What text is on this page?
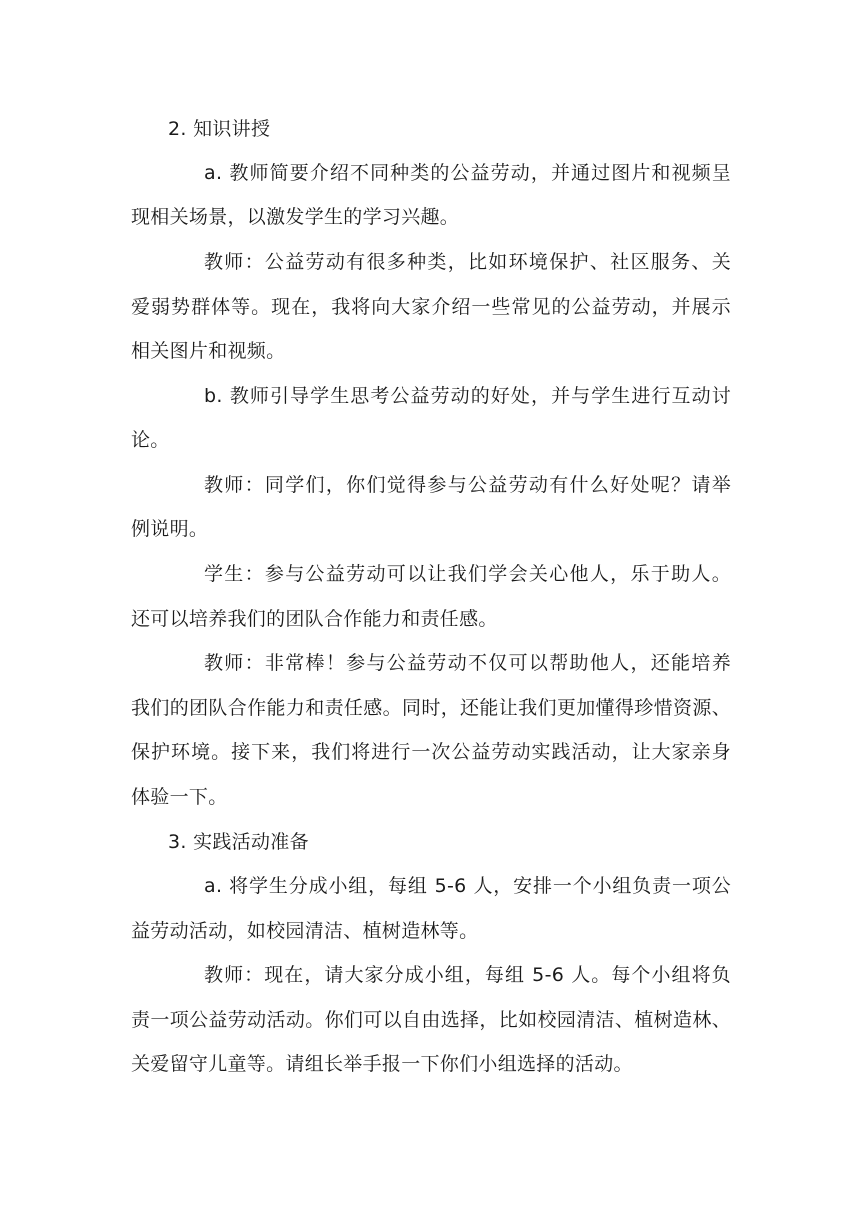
2. 知识讲授
a. 教师简要介绍不同种类的公益劳动，并通过图片和视频呈
现相关场景，以激发学生的学习兴趣。
教师：公益劳动有很多种类，比如环境保护、社区服务、关
爱弱势群体等。现在，我将向大家介绍一些常见的公益劳动，并展示
相关图片和视频。
b. 教师引导学生思考公益劳动的好处，并与学生进行互动讨
论。
教师：同学们，你们觉得参与公益劳动有什么好处呢？请举
例说明。
学生：参与公益劳动可以让我们学会关心他人，乐于助人。
还可以培养我们的团队合作能力和责任感。
教师：非常棒！参与公益劳动不仅可以帮助他人，还能培养
我们的团队合作能力和责任感。同时，还能让我们更加懂得珍惜资源、
保护环境。接下来，我们将进行一次公益劳动实践活动，让大家亲身
体验一下。
3. 实践活动准备
a. 将学生分成小组，每组 5-6 人，安排一个小组负责一项公
益劳动活动，如校园清洁、植树造林等。
教师：现在，请大家分成小组，每组 5-6 人。每个小组将负
责一项公益劳动活动。你们可以自由选择，比如校园清洁、植树造林、
关爱留守儿童等。请组长举手报一下你们小组选择的活动。
